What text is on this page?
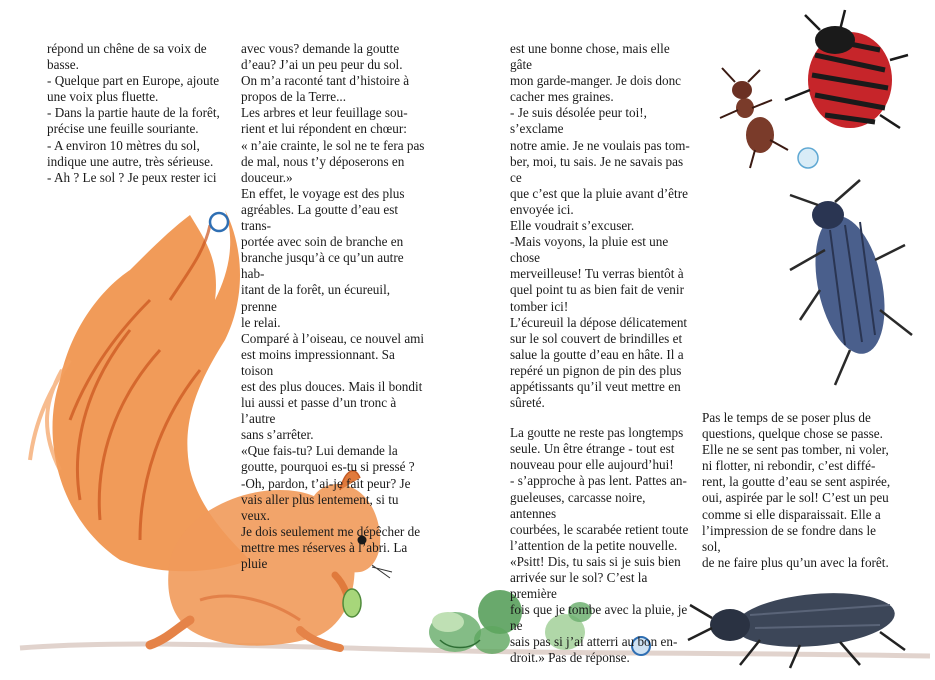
répond un chêne de sa voix de
basse.

- Quelque part en Europe, ajoute
une voix plus fluette.

- Dans la partie haute de la forêt,
précise une feuille souriante.

- A environ 10 mètres du sol,
indique une autre, très sérieuse.

- Ah ? Le sol ? Je peux rester ici

avec vous? demande la goutte
d’eau? J’ai un peu peur du sol.
On m’a raconté tant d’histoire à
propos de la Terre...

Les arbres et leur feuillage sou-
rient et lui répondent en chœur:
« n’aie crainte, le sol ne te fera pas
de mal, nous t’y déposerons en
douceur.»

En effet, le voyage est des plus
agréables. La goutte d’eau est trans-
portée avec soin de branche en
branche jusqu’à ce qu’un autre hab-
itant de la forêt, un écureuil, prenne
le relai.

Comparé à l’oiseau, ce nouvel ami
est moins impressionnant. Sa toison
est des plus douces. Mais il bondit
lui aussi et passe d’un tronc à l’autre
sans s’arrêter.

«Que fais-tu? Lui demande la
goutte, pourquoi es-tu si pressé ?

-Oh, pardon, t’ai-je fait peur? Je
vais aller plus lentement, si tu veux.
Je dois seulement me dépêcher de
mettre mes réserves à l’abri. La pluie

est une bonne chose, mais elle gâte
mon garde-manger. Je dois donc
cacher mes graines.

- Je suis désolée peur toi!, s’exclame
notre amie. Je ne voulais pas tom-
ber, moi, tu sais. Je ne savais pas ce
que c’est que la pluie avant d’être
envoyée ici.

Elle voudrait s’excuser.

-Mais voyons, la pluie est une chose
merveilleuse! Tu verras bientôt à
quel point tu as bien fait de venir
tomber ici!

L’écureuil la dépose délicatement
sur le sol couvert de brindilles et
salue la goutte d’eau en hâte. Il a
repéré un pignon de pin des plus
appétissants qu’il veut mettre en
sûreté.

La goutte ne reste pas longtemps
seule. Un être étrange - tout est
nouveau pour elle aujourd’hui!

- s’approche à pas lent. Pattes an-
gueleuses, carcasse noire, antennes
courbées, le scarabée retient toute
l’attention de la petite nouvelle.

«Psitt! Dis, tu sais si je suis bien
arrivée sur le sol? C’est la première
fois que je tombe avec la pluie, je ne
sais pas si j’ai atterri au bon en-
droit.» Pas de réponse.

Pas le temps de se poser plus de
questions, quelque chose se passe.
Elle ne se sent pas tomber, ni voler,
ni flotter, ni rebondir, c’est diffé-
rent, la goutte d’eau se sent aspirée,
oui, aspirée par le sol! C’est un peu
comme si elle disparaissait. Elle a
l’impression de se fondre dans le sol,
de ne faire plus qu’un avec la forêt.
